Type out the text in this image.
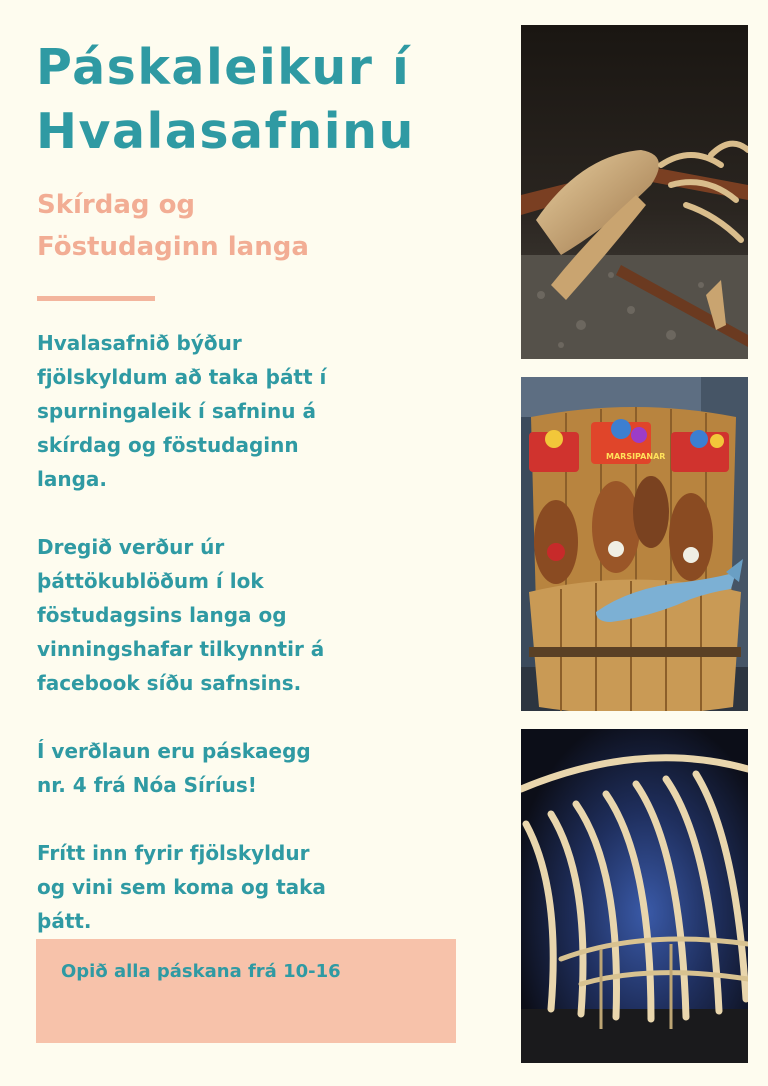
Páskaleikur í
Hvalasafninu
Skírdag og
Föstudaginn langa

Hvalasafnið býður
fjölskyldum að taka þátt í
spurningaleik í safninu á
skírdag og föstudaginn
langa.

Dregið verður úr
þáttökublöðum í lok
föstudagsins langa og
vinningshafar tilkynntir á
facebook síðu safnsins.

Í verðlaun eru páskaegg
nr. 4 frá Nóa Síríus!

Frítt inn fyrir fjölskyldur
og vini sem koma og taka
þátt.

Opið alla páskana frá 10-16
MARSIPANAR
